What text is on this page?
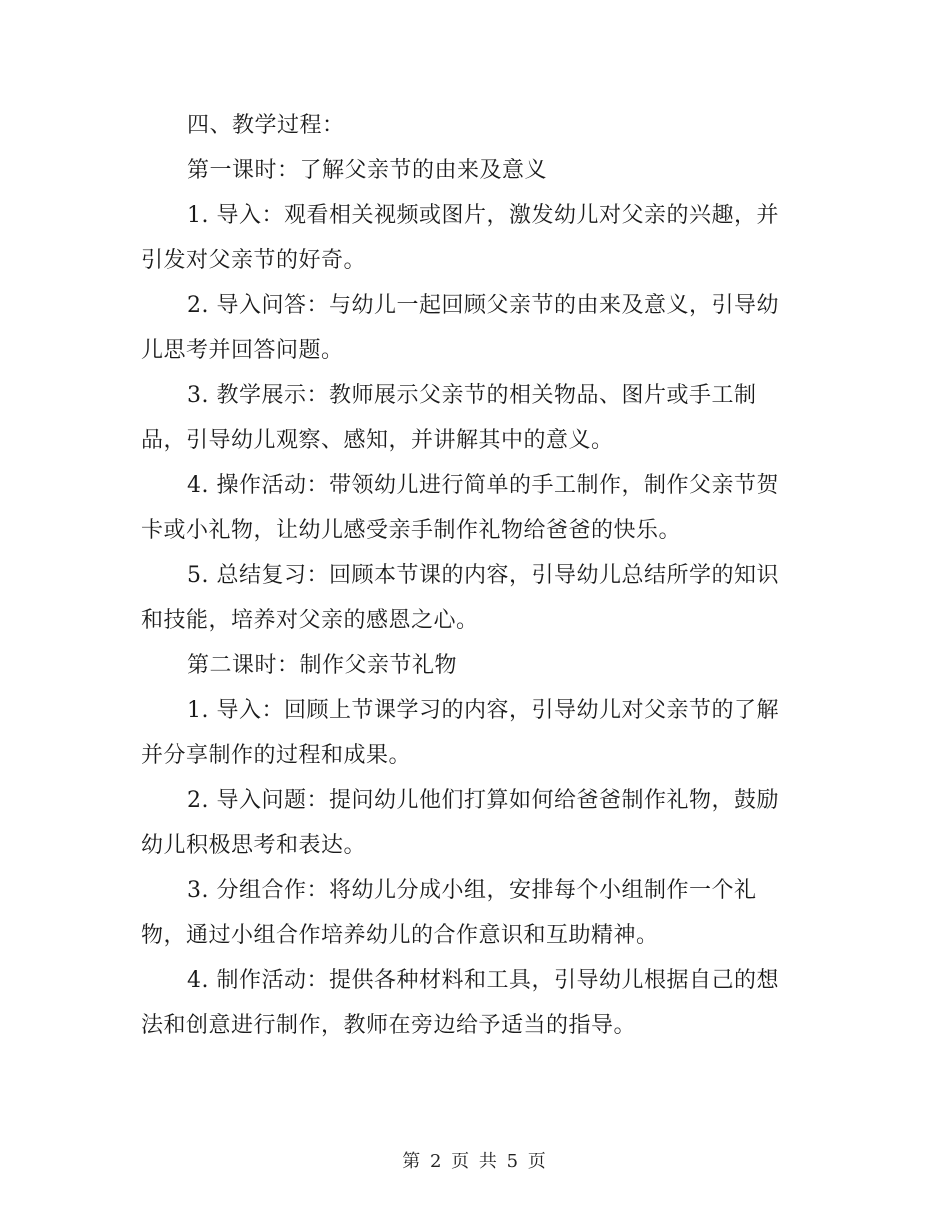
四、教学过程：
第一课时：了解父亲节的由来及意义
1. 导入：观看相关视频或图片，激发幼儿对父亲的兴趣，并
引发对父亲节的好奇。
2. 导入问答：与幼儿一起回顾父亲节的由来及意义，引导幼
儿思考并回答问题。
3. 教学展示：教师展示父亲节的相关物品、图片或手工制
品，引导幼儿观察、感知，并讲解其中的意义。
4. 操作活动：带领幼儿进行简单的手工制作，制作父亲节贺
卡或小礼物，让幼儿感受亲手制作礼物给爸爸的快乐。
5. 总结复习：回顾本节课的内容，引导幼儿总结所学的知识
和技能，培养对父亲的感恩之心。
第二课时：制作父亲节礼物
1. 导入：回顾上节课学习的内容，引导幼儿对父亲节的了解
并分享制作的过程和成果。
2. 导入问题：提问幼儿他们打算如何给爸爸制作礼物，鼓励
幼儿积极思考和表达。
3. 分组合作：将幼儿分成小组，安排每个小组制作一个礼
物，通过小组合作培养幼儿的合作意识和互助精神。
4. 制作活动：提供各种材料和工具，引导幼儿根据自己的想
法和创意进行制作，教师在旁边给予适当的指导。
第 2 页 共 5 页
